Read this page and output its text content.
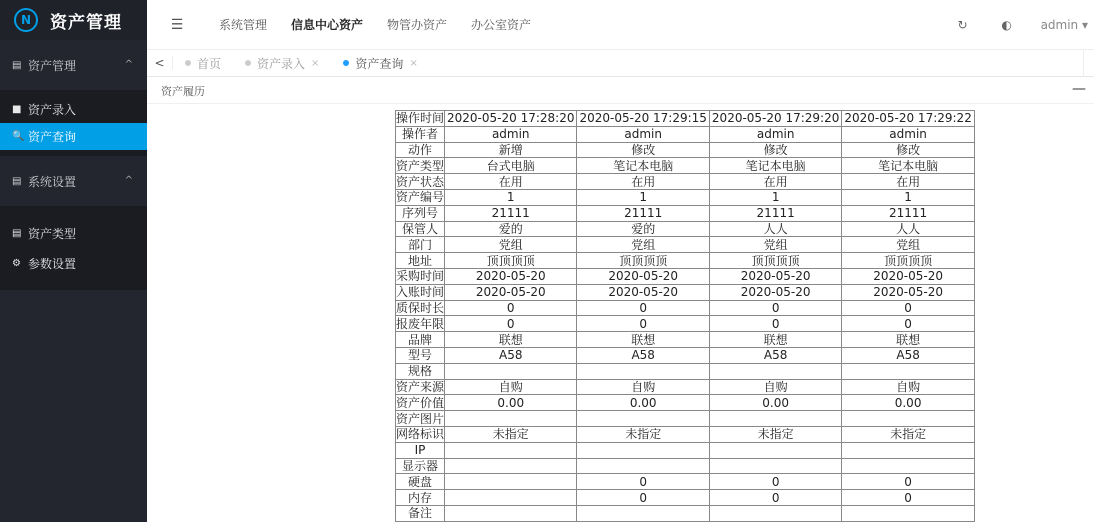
N	资产管理
▤ 资产管理	^
■ 资产录入
🔍 资产查询
▤ 系统设置	^
▤ 资产类型
⚙ 参数设置
☰	系统管理	信息中心资产	物管办资产	办公室资产	↻	◐	admin ▾
<	首页	资产录入 ×	资产查询 ×
资产履历	—
操作时间	2020-05-20 17:28:20	2020-05-20 17:29:15	2020-05-20 17:29:20	2020-05-20 17:29:22
操作者	admin	admin	admin	admin
动作	新增	修改	修改	修改
资产类型	台式电脑	笔记本电脑	笔记本电脑	笔记本电脑
资产状态	在用	在用	在用	在用
资产编号	1	1	1	1
序列号	21111	21111	21111	21111
保管人	爱的	爱的	人人	人人
部门	党组	党组	党组	党组
地址	顶顶顶顶	顶顶顶顶	顶顶顶顶	顶顶顶顶
采购时间	2020-05-20	2020-05-20	2020-05-20	2020-05-20
入账时间	2020-05-20	2020-05-20	2020-05-20	2020-05-20
质保时长	0	0	0	0
报废年限	0	0	0	0
品牌	联想	联想	联想	联想
型号	A58	A58	A58	A58
规格				
资产来源	自购	自购	自购	自购
资产价值	0.00	0.00	0.00	0.00
资产图片				
网络标识	未指定	未指定	未指定	未指定
IP				
显示器				
硬盘		0	0	0
内存		0	0	0
备注				
